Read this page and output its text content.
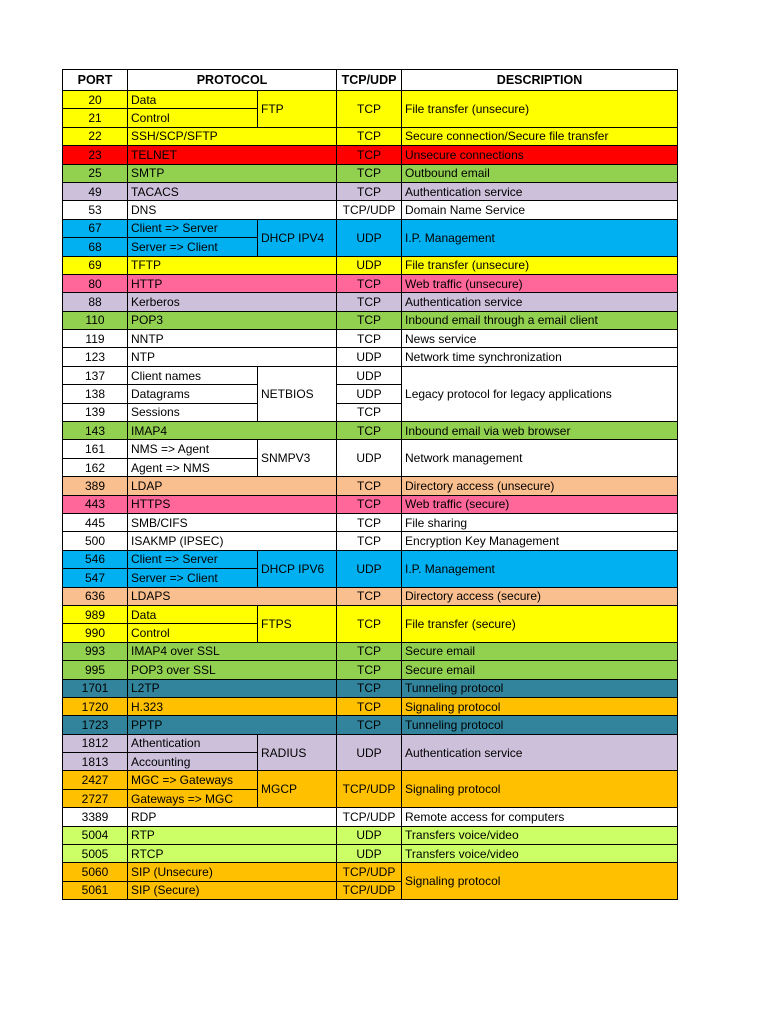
PORT	PROTOCOL		TCP/UDP	DESCRIPTION
20	Data	FTP	TCP	File transfer (unsecure)
21	Control			
22	SSH/SCP/SFTP		TCP	Secure connection/Secure file transfer
23	TELNET		TCP	Unsecure connections
25	SMTP		TCP	Outbound email
49	TACACS		TCP	Authentication service
53	DNS		TCP/UDP	Domain Name Service
67	Client => Server	DHCP IPV4	UDP	I.P. Management
68	Server => Client			
69	TFTP		UDP	File transfer (unsecure)
80	HTTP		TCP	Web traffic (unsecure)
88	Kerberos		TCP	Authentication service
110	POP3		TCP	Inbound email through a email client
119	NNTP		TCP	News service
123	NTP		UDP	Network time synchronization
137	Client names	NETBIOS	UDP	Legacy protocol for legacy applications
138	Datagrams		UDP	
139	Sessions		TCP	
143	IMAP4		TCP	Inbound email via web browser
161	NMS => Agent	SNMPV3	UDP	Network management
162	Agent => NMS			
389	LDAP		TCP	Directory access (unsecure)
443	HTTPS		TCP	Web traffic (secure)
445	SMB/CIFS		TCP	File sharing
500	ISAKMP (IPSEC)		TCP	Encryption Key Management
546	Client => Server	DHCP IPV6	UDP	I.P. Management
547	Server => Client			
636	LDAPS		TCP	Directory access (secure)
989	Data	FTPS	TCP	File transfer (secure)
990	Control			
993	IMAP4 over SSL		TCP	Secure email
995	POP3 over SSL		TCP	Secure email
1701	L2TP		TCP	Tunneling protocol
1720	H.323		TCP	Signaling protocol
1723	PPTP		TCP	Tunneling protocol
1812	Athentication	RADIUS	UDP	Authentication service
1813	Accounting			
2427	MGC => Gateways	MGCP	TCP/UDP	Signaling protocol
2727	Gateways => MGC			
3389	RDP		TCP/UDP	Remote access for computers
5004	RTP		UDP	Transfers voice/video
5005	RTCP		UDP	Transfers voice/video
5060	SIP (Unsecure)		TCP/UDP	Signaling protocol
5061	SIP (Secure)		TCP/UDP	
